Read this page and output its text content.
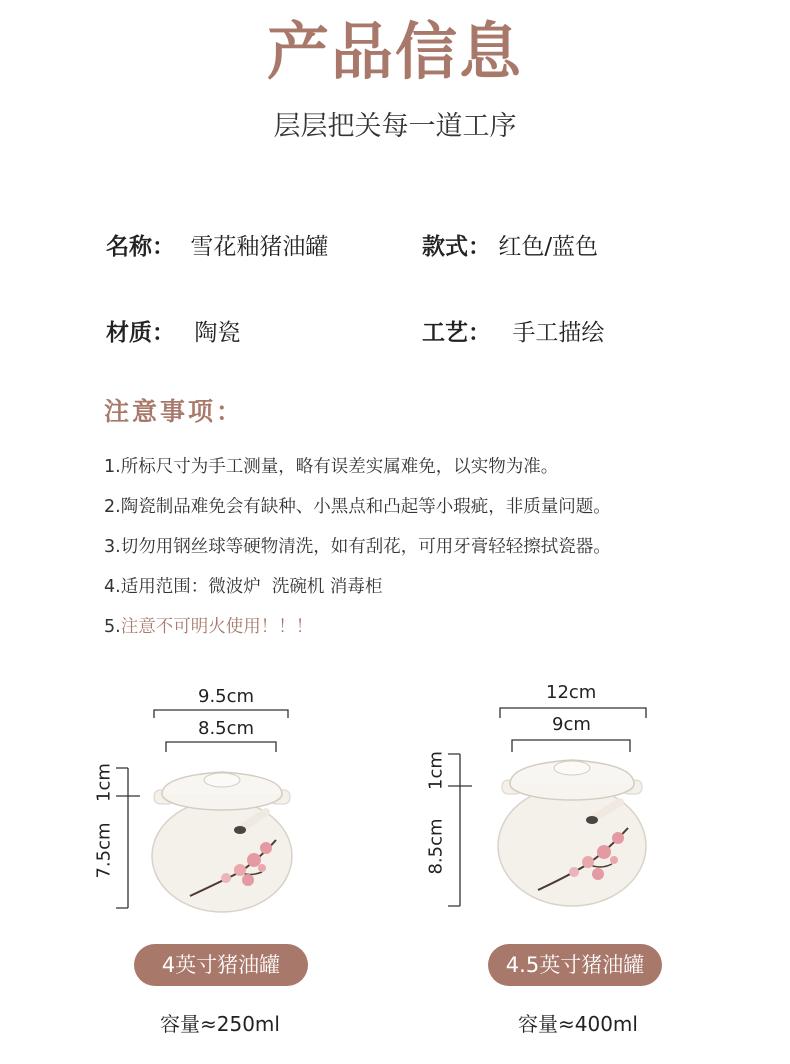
产品信息
层层把关每一道工序
名称： 雪花釉猪油罐	款式： 红色/蓝色
材质： 陶瓷	工艺： 手工描绘
注意事项：
1.所标尺寸为手工测量，略有误差实属难免，以实物为准。
2.陶瓷制品难免会有缺种、小黑点和凸起等小瑕疵，非质量问题。
3.切勿用钢丝球等硬物清洗，如有刮花，可用牙膏轻轻擦拭瓷器。
4.适用范围：微波炉  洗碗机 消毒柜
5.注意不可明火使用！！！
9.5cm
8.5cm
1cm
7.5cm
4英寸猪油罐
容量≈250ml
12cm
9cm
1cm
8.5cm
4.5英寸猪油罐
容量≈400ml
